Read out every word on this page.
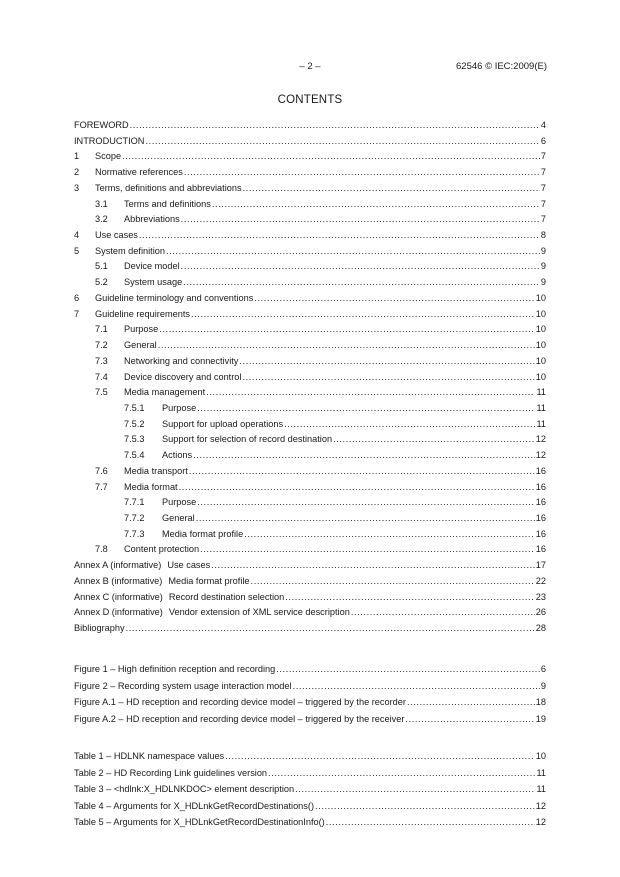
– 2 –	62546 © IEC:2009(E)
CONTENTS
FOREWORD .....	4
INTRODUCTION .....	6
1	Scope .....	7
2	Normative references .....	7
3	Terms, definitions and abbreviations .....	7
3.1	Terms and definitions .....	7
3.2	Abbreviations .....	7
4	Use cases .....	8
5	System definition .....	9
5.1	Device model .....	9
5.2	System usage .....	9
6	Guideline terminology and conventions .....	10
7	Guideline requirements .....	10
7.1	Purpose .....	10
7.2	General .....	10
7.3	Networking and connectivity .....	10
7.4	Device discovery and control .....	10
7.5	Media management .....	11
7.5.1	Purpose .....	11
7.5.2	Support for upload operations .....	11
7.5.3	Support for selection of record destination .....	12
7.5.4	Actions .....	12
7.6	Media transport .....	16
7.7	Media format .....	16
7.7.1	Purpose .....	16
7.7.2	General .....	16
7.7.3	Media format profile .....	16
7.8	Content protection .....	16
Annex A (informative) Use cases .....	17
Annex B (informative) Media format profile .....	22
Annex C (informative) Record destination selection .....	23
Annex D (informative) Vendor extension of XML service description .....	26
Bibliography .....	28
Figure 1 – High definition reception and recording .....	6
Figure 2 – Recording system usage interaction model .....	9
Figure A.1 – HD reception and recording device model – triggered by the recorder .....	18
Figure A.2 – HD reception and recording device model – triggered by the receiver .....	19
Table 1 – HDLNK namespace values .....	10
Table 2 – HD Recording Link guidelines version .....	11
Table 3 – <hdlnk:X_HDLNKDOC> element description .....	11
Table 4 – Arguments for X_HDLnkGetRecordDestinations() .....	12
Table 5 – Arguments for X_HDLnkGetRecordDestinationInfo() .....	12
